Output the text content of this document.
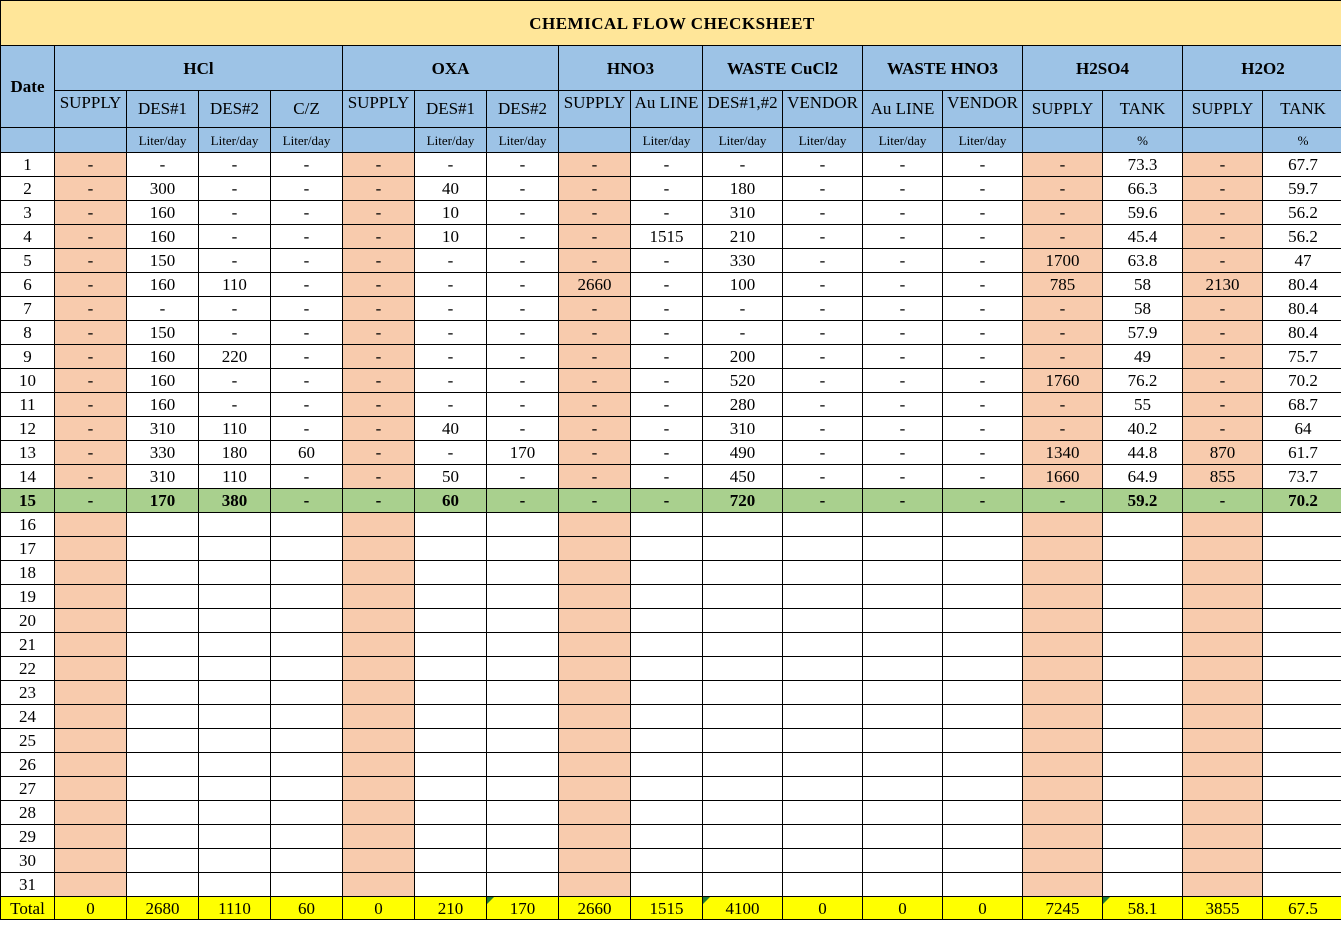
CHEMICAL FLOW CHECKSHEET																	
Date	HCl				OXA			HNO3		WASTE CuCl2		WASTE HNO3		H2SO4		H2O2	

	SUPPLY	DES#1	DES#2	C/Z	SUPPLY	DES#1	DES#2	SUPPLY	Au LINE	DES#1,#2	VENDOR	Au LINE	VENDOR	SUPPLY	TANK	SUPPLY	TANK
		Liter/day	Liter/day	Liter/day		Liter/day	Liter/day		Liter/day	Liter/day	Liter/day	Liter/day	Liter/day		%		%
1	-	-	-	-	-	-	-	-	-	-	-	-	-	-	73.3	-	67.7
2	-	300	-	-	-	40	-	-	-	180	-	-	-	-	66.3	-	59.7
3	-	160	-	-	-	10	-	-	-	310	-	-	-	-	59.6	-	56.2
4	-	160	-	-	-	10	-	-	1515	210	-	-	-	-	45.4	-	56.2
5	-	150	-	-	-	-	-	-	-	330	-	-	-	1700	63.8	-	47
6	-	160	110	-	-	-	-	2660	-	100	-	-	-	785	58	2130	80.4
7	-	-	-	-	-	-	-	-	-	-	-	-	-	-	58	-	80.4
8	-	150	-	-	-	-	-	-	-	-	-	-	-	-	57.9	-	80.4
9	-	160	220	-	-	-	-	-	-	200	-	-	-	-	49	-	75.7
10	-	160	-	-	-	-	-	-	-	520	-	-	-	1760	76.2	-	70.2
11	-	160	-	-	-	-	-	-	-	280	-	-	-	-	55	-	68.7
12	-	310	110	-	-	40	-	-	-	310	-	-	-	-	40.2	-	64
13	-	330	180	60	-	-	170	-	-	490	-	-	-	1340	44.8	870	61.7
14	-	310	110	-	-	50	-	-	-	450	-	-	-	1660	64.9	855	73.7
15	-	170	380	-	-	60	-	-	-	720	-	-	-	-	59.2	-	70.2
16																	
17																	
18																	
19																	
20																	
21																	
22																	
23																	
24																	
25																	
26																	
27																	
28																	
29																	
30																	
31																	
Total	0	2680	1110	60	0	210	170	2660	1515	4100	0	0	0	7245	58.1	3855	67.5
